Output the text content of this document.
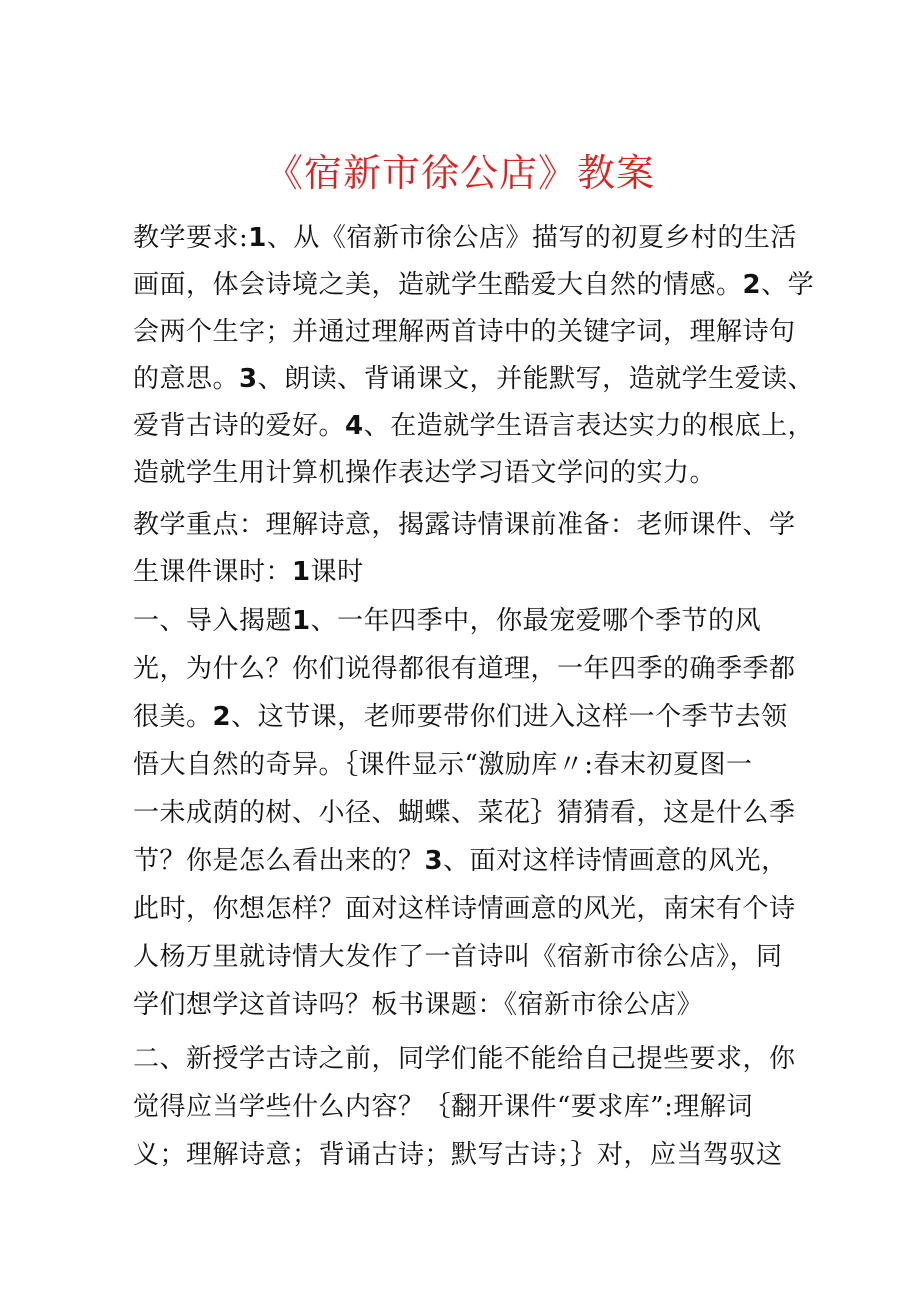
《宿新市徐公店》教案
教学要求:1、从《宿新市徐公店》描写的初夏乡村的生活
画面，体会诗境之美，造就学生酷爱大自然的情感。2、学
会两个生字；并通过理解两首诗中的关键字词，理解诗句
的意思。3、朗读、背诵课文，并能默写，造就学生爱读、
爱背古诗的爱好。4、在造就学生语言表达实力的根底上，
造就学生用计算机操作表达学习语文学问的实力。
教学重点：理解诗意，揭露诗情课前准备：老师课件、学
生课件课时：1课时
一、导入揭题1、一年四季中，你最宠爱哪个季节的风
光，为什么？你们说得都很有道理，一年四季的确季季都
很美。2、这节课，老师要带你们进入这样一个季节去领
悟大自然的奇异。｛课件显示“激励库〃:春末初夏图一
一未成荫的树、小径、蝴蝶、菜花｝猜猜看，这是什么季
节？你是怎么看出来的？3、面对这样诗情画意的风光，
此时，你想怎样？面对这样诗情画意的风光，南宋有个诗
人杨万里就诗情大发作了一首诗叫《宿新市徐公店》，同
学们想学这首诗吗？板书课题：《宿新市徐公店》
二、新授学古诗之前，同学们能不能给自己提些要求，你
觉得应当学些什么内容？｛翻开课件“要求库”:理解词
义；理解诗意；背诵古诗；默写古诗；｝对，应当驾驭这
